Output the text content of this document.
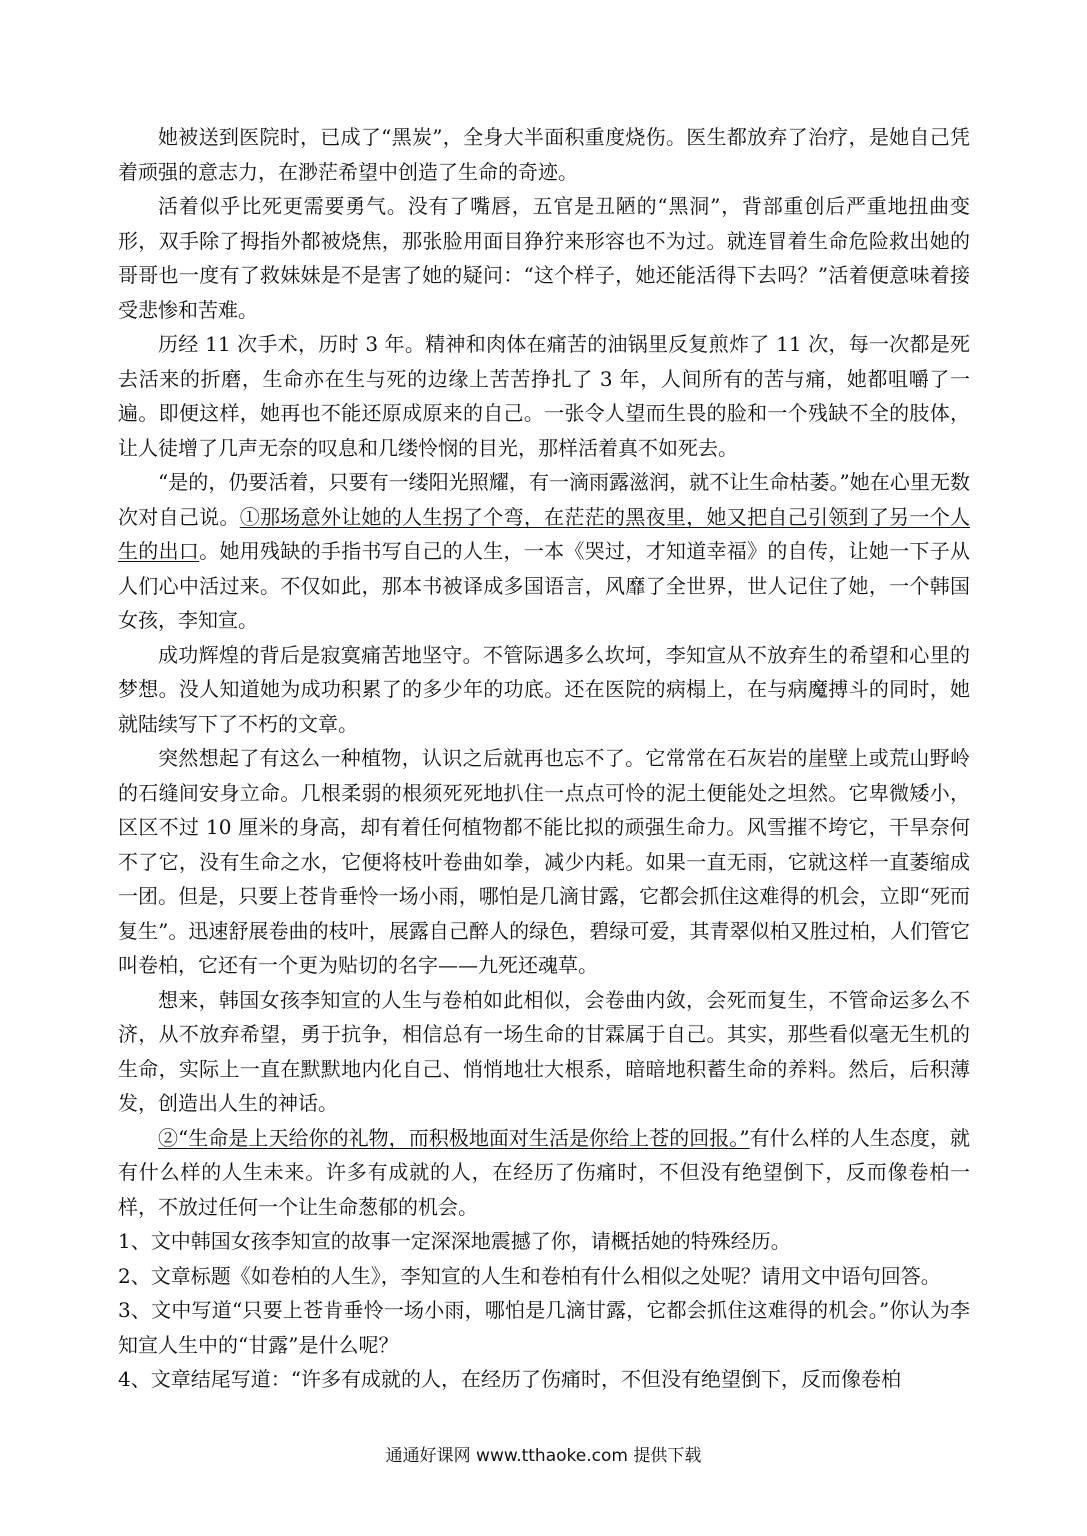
她被送到医院时，已成了“黑炭”，全身大半面积重度烧伤。医生都放弃了治疗，是她自己凭着顽强的意志力，在渺茫希望中创造了生命的奇迹。

活着似乎比死更需要勇气。没有了嘴唇，五官是丑陋的“黑洞”，背部重创后严重地扭曲变形，双手除了拇指外都被烧焦，那张脸用面目狰狞来形容也不为过。就连冒着生命危险救出她的哥哥也一度有了救妹妹是不是害了她的疑问：“这个样子，她还能活得下去吗？”活着便意味着接受悲惨和苦难。

历经 11 次手术，历时 3 年。精神和肉体在痛苦的油锅里反复煎炸了 11 次，每一次都是死去活来的折磨，生命亦在生与死的边缘上苦苦挣扎了 3 年，人间所有的苦与痛，她都咀嚼了一遍。即便这样，她再也不能还原成原来的自己。一张令人望而生畏的脸和一个残缺不全的肢体，让人徒增了几声无奈的叹息和几缕怜悯的目光，那样活着真不如死去。

“是的，仍要活着，只要有一缕阳光照耀，有一滴雨露滋润，就不让生命枯萎。”她在心里无数次对自己说。①那场意外让她的人生拐了个弯，在茫茫的黑夜里，她又把自己引领到了另一个人生的出口。她用残缺的手指书写自己的人生，一本《哭过，才知道幸福》的自传，让她一下子从人们心中活过来。不仅如此，那本书被译成多国语言，风靡了全世界，世人记住了她，一个韩国女孩，李知宣。

成功辉煌的背后是寂寞痛苦地坚守。不管际遇多么坎坷，李知宣从不放弃生的希望和心里的梦想。没人知道她为成功积累了的多少年的功底。还在医院的病榻上，在与病魔搏斗的同时，她就陆续写下了不朽的文章。

突然想起了有这么一种植物，认识之后就再也忘不了。它常常在石灰岩的崖壁上或荒山野岭的石缝间安身立命。几根柔弱的根须死死地扒住一点点可怜的泥土便能处之坦然。它卑微矮小，区区不过 10 厘米的身高，却有着任何植物都不能比拟的顽强生命力。风雪摧不垮它，干旱奈何不了它，没有生命之水，它便将枝叶卷曲如拳，减少内耗。如果一直无雨，它就这样一直萎缩成一团。但是，只要上苍肯垂怜一场小雨，哪怕是几滴甘露，它都会抓住这难得的机会，立即“死而复生”。迅速舒展卷曲的枝叶，展露自己醉人的绿色，碧绿可爱，其青翠似柏又胜过柏，人们管它叫卷柏，它还有一个更为贴切的名字——九死还魂草。

想来，韩国女孩李知宣的人生与卷柏如此相似，会卷曲内敛，会死而复生，不管命运多么不济，从不放弃希望，勇于抗争，相信总有一场生命的甘霖属于自己。其实，那些看似毫无生机的生命，实际上一直在默默地内化自己、悄悄地壮大根系，暗暗地积蓄生命的养料。然后，后积薄发，创造出人生的神话。

②“生命是上天给你的礼物，而积极地面对生活是你给上苍的回报。”有什么样的人生态度，就有什么样的人生未来。许多有成就的人，在经历了伤痛时，不但没有绝望倒下，反而像卷柏一样，不放过任何一个让生命葱郁的机会。

1、文中韩国女孩李知宣的故事一定深深地震撼了你，请概括她的特殊经历。

2、文章标题《如卷柏的人生》，李知宣的人生和卷柏有什么相似之处呢？请用文中语句回答。

3、文中写道“只要上苍肯垂怜一场小雨，哪怕是几滴甘露，它都会抓住这难得的机会。”你认为李知宣人生中的“甘露”是什么呢？

4、文章结尾写道：“许多有成就的人，在经历了伤痛时，不但没有绝望倒下，反而像卷柏

通通好课网 www.tthaoke.com 提供下载
